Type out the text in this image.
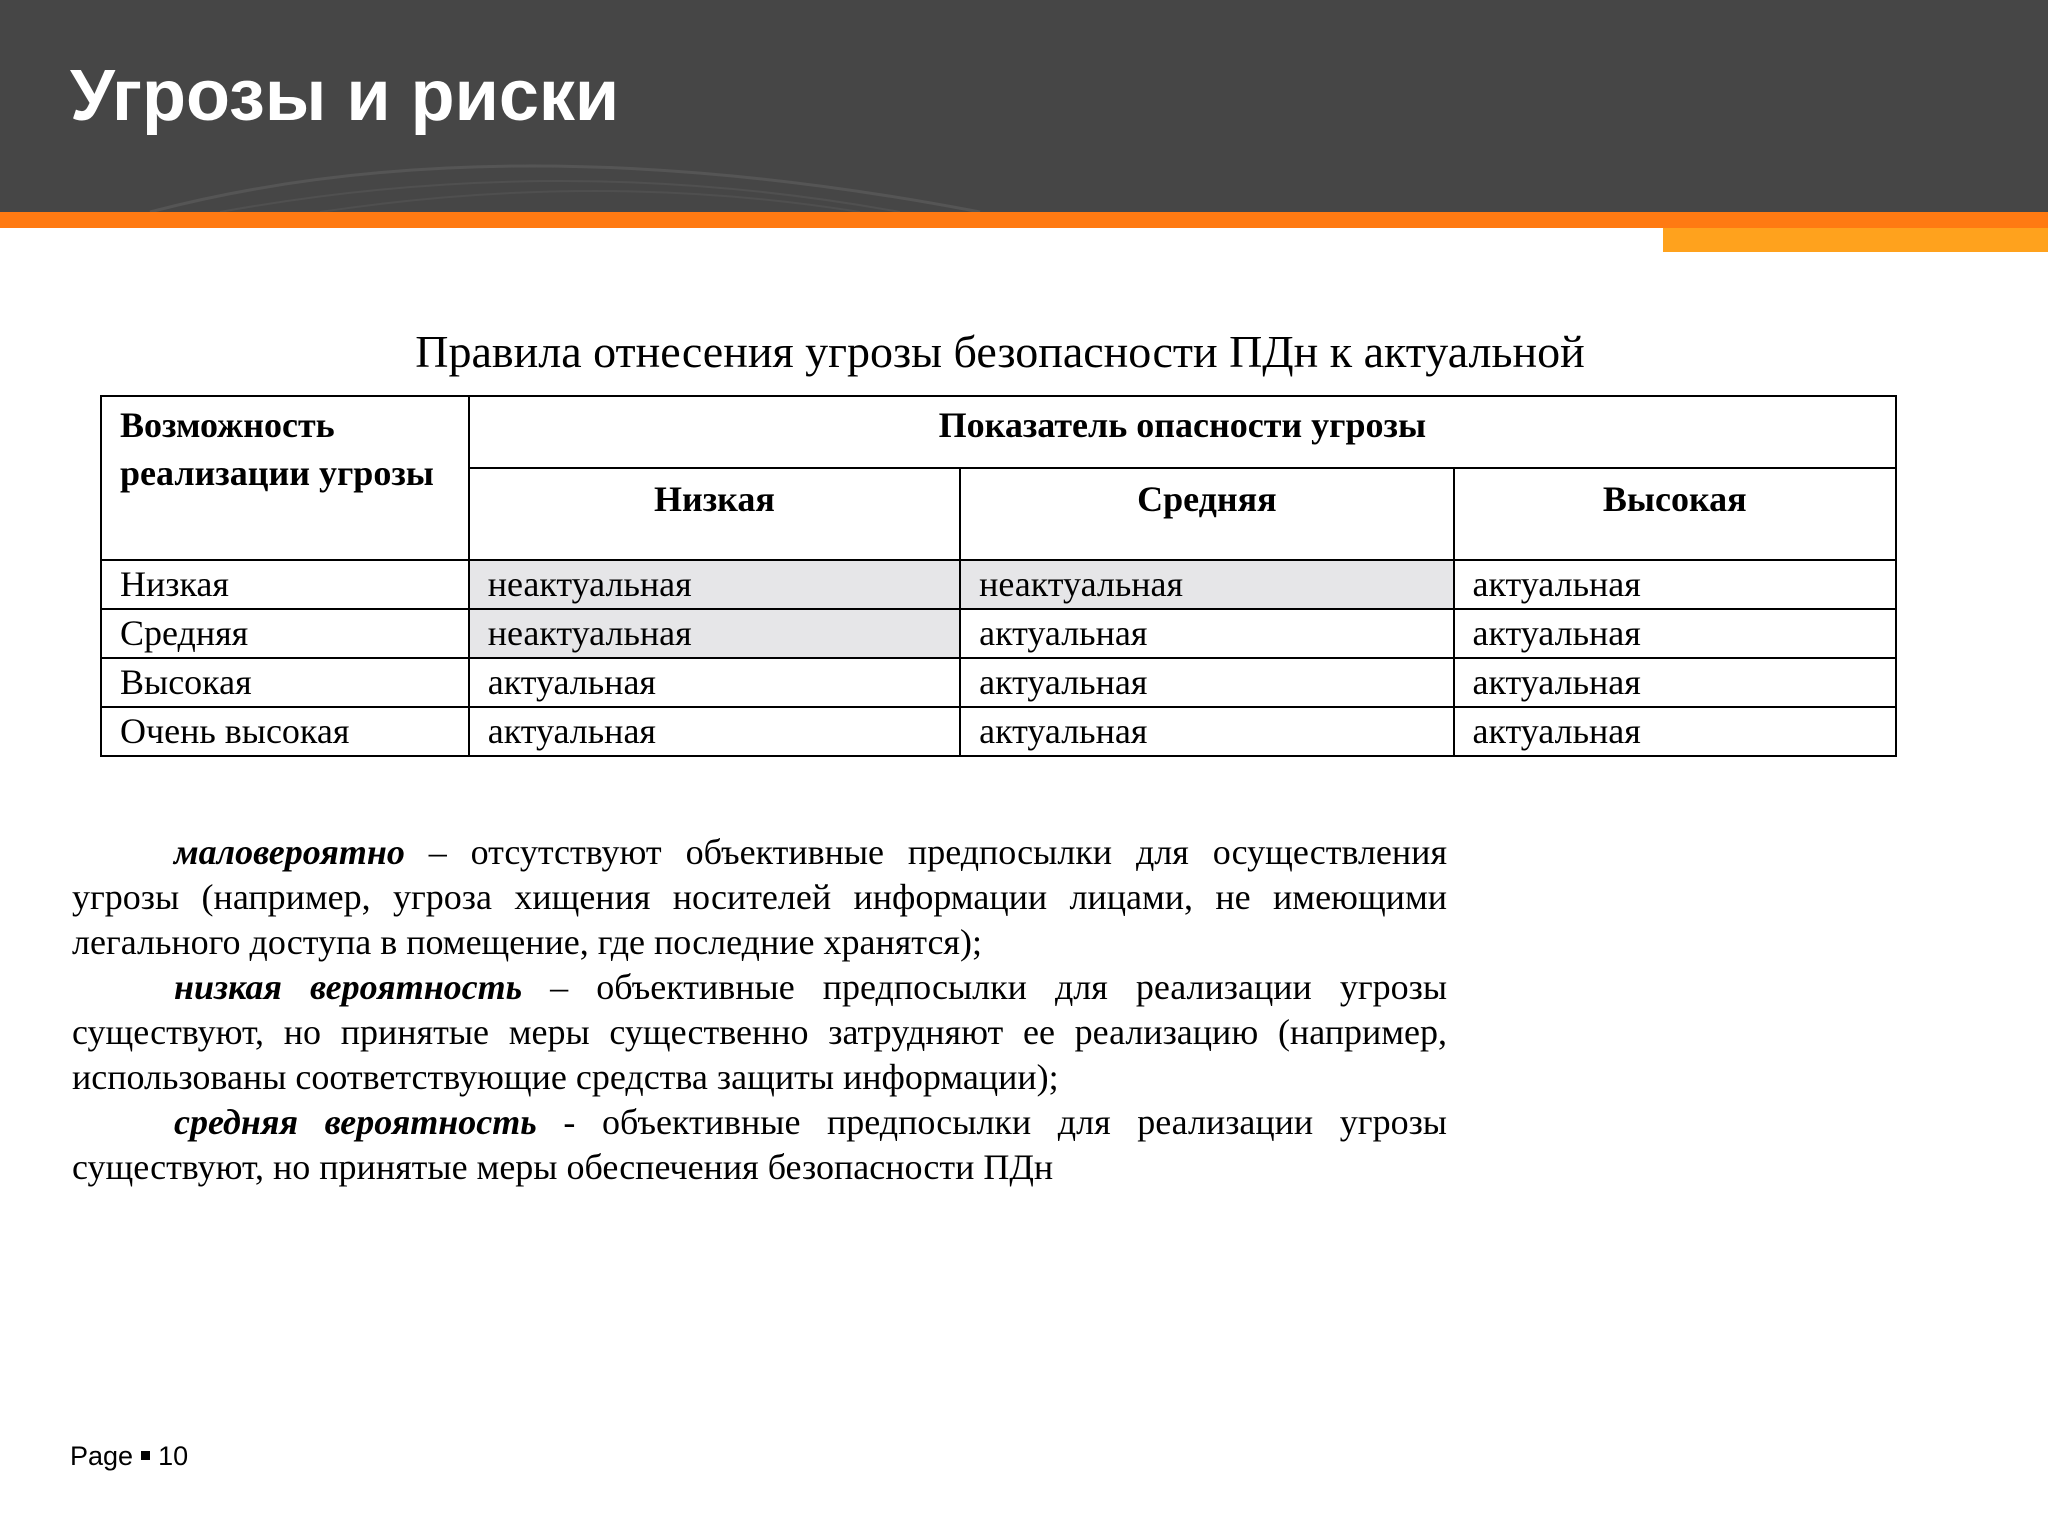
Угрозы и риски
Правила отнесения угрозы безопасности ПДн к актуальной
Возможность реализации угрозы	Показатель опасности угрозы		
	Низкая	Средняя	Высокая
Низкая	неактуальная	неактуальная	актуальная
Средняя	неактуальная	актуальная	актуальная
Высокая	актуальная	актуальная	актуальная
Очень высокая	актуальная	актуальная	актуальная

маловероятно – отсутствуют объективные предпосылки для осуществления угрозы (например, угроза хищения носителей информации лицами, не имеющими легального доступа в помещение, где последние хранятся);

низкая вероятность – объективные предпосылки для реализации угрозы существуют, но принятые меры существенно затрудняют ее реализацию (например, использованы соответствующие средства защиты информации);

средняя вероятность - объективные предпосылки для реализации угрозы существуют, но принятые меры обеспечения безопасности ПДн

Page 10
